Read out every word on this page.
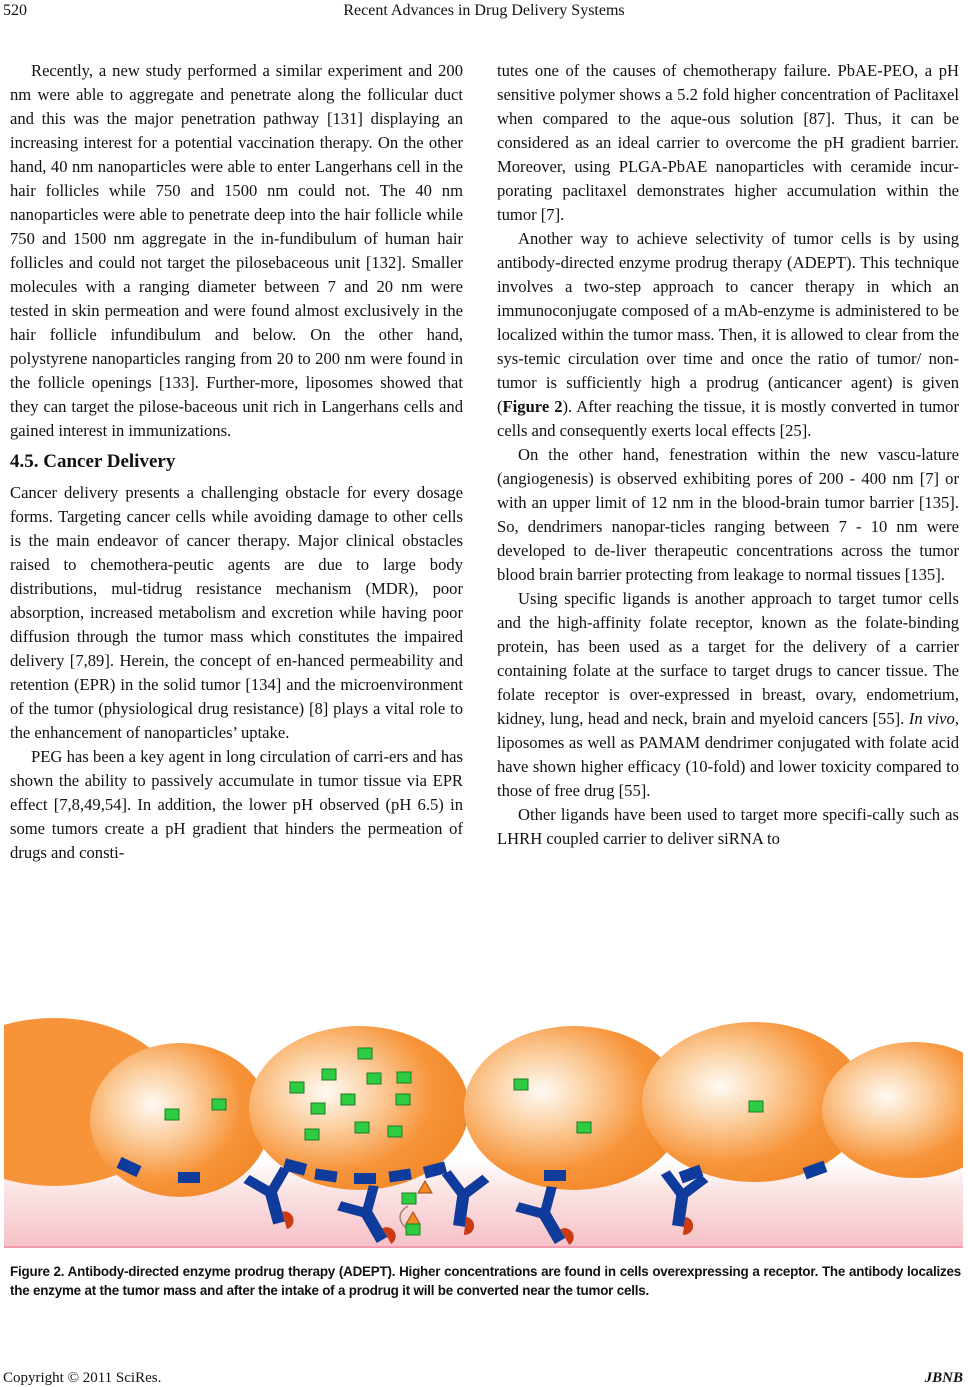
520	Recent Advances in Drug Delivery Systems

Recently, a new study performed a similar experiment and 200 nm were able to aggregate and penetrate along the follicular duct and this was the major penetration pathway [131] displaying an increasing interest for a potential vaccination therapy. On the other hand, 40 nm nanoparticles were able to enter Langerhans cell in the hair follicles while 750 and 1500 nm could not. The 40 nm nanoparticles were able to penetrate deep into the hair follicle while 750 and 1500 nm aggregate in the in-fundibulum of human hair follicles and could not target the pilosebaceous unit [132]. Smaller molecules with a ranging diameter between 7 and 20 nm were tested in skin permeation and were found almost exclusively in the hair follicle infundibulum and below. On the other hand, polystyrene nanoparticles ranging from 20 to 200 nm were found in the follicle openings [133]. Further-more, liposomes showed that they can target the pilose-baceous unit rich in Langerhans cells and gained interest in immunizations.

4.5. Cancer Delivery

Cancer delivery presents a challenging obstacle for every dosage forms. Targeting cancer cells while avoiding damage to other cells is the main endeavor of cancer therapy. Major clinical obstacles raised to chemothera-peutic agents are due to large body distributions, mul-tidrug resistance mechanism (MDR), poor absorption, increased metabolism and excretion while having poor diffusion through the tumor mass which constitutes the impaired delivery [7,89]. Herein, the concept of en-hanced permeability and retention (EPR) in the solid tumor [134] and the microenvironment of the tumor (physiological drug resistance) [8] plays a vital role to the enhancement of nanoparticles’ uptake.

PEG has been a key agent in long circulation of carri-ers and has shown the ability to passively accumulate in tumor tissue via EPR effect [7,8,49,54]. In addition, the lower pH observed (pH 6.5) in some tumors create a pH gradient that hinders the permeation of drugs and consti-

tutes one of the causes of chemotherapy failure. PbAE-PEO, a pH sensitive polymer shows a 5.2 fold higher concentration of Paclitaxel when compared to the aque-ous solution [87]. Thus, it can be considered as an ideal carrier to overcome the pH gradient barrier. Moreover, using PLGA-PbAE nanoparticles with ceramide incur-porating paclitaxel demonstrates higher accumulation within the tumor [7].

Another way to achieve selectivity of tumor cells is by using antibody-directed enzyme prodrug therapy (ADEPT). This technique involves a two-step approach to cancer therapy in which an immunoconjugate composed of a mAb-enzyme is administered to be localized within the tumor mass. Then, it is allowed to clear from the sys-temic circulation over time and once the ratio of tumor/ non-tumor is sufficiently high a prodrug (anticancer agent) is given (Figure 2). After reaching the tissue, it is mostly converted in tumor cells and consequently exerts local effects [25].

On the other hand, fenestration within the new vascu-lature (angiogenesis) is observed exhibiting pores of 200 - 400 nm [7] or with an upper limit of 12 nm in the blood-brain tumor barrier [135]. So, dendrimers nanopar-ticles ranging between 7 - 10 nm were developed to de-liver therapeutic concentrations across the tumor blood brain barrier protecting from leakage to normal tissues [135].

Using specific ligands is another approach to target tumor cells and the high-affinity folate receptor, known as the folate-binding protein, has been used as a target for the delivery of a carrier containing folate at the surface to target drugs to cancer tissue. The folate receptor is over-expressed in breast, ovary, endometrium, kidney, lung, head and neck, brain and myeloid cancers [55]. In vivo, liposomes as well as PAMAM dendrimer conjugated with folate acid have shown higher efficacy (10-fold) and lower toxicity compared to those of free drug [55].

Other ligands have been used to target more specifi-cally such as LHRH coupled carrier to deliver siRNA to

Figure 2. Antibody-directed enzyme prodrug therapy (ADEPT). Higher concentrations are found in cells overexpressing a receptor. The antibody localizes the enzyme at the tumor mass and after the intake of a prodrug it will be converted near the tumor cells.
Copyright © 2011 SciRes.	JBNB
